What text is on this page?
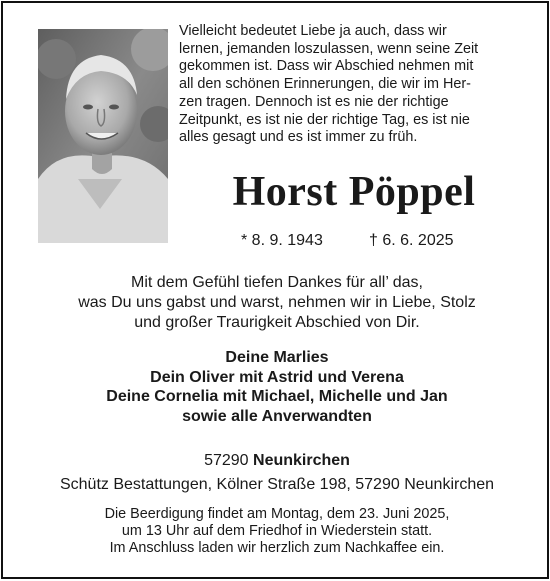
Vielleicht bedeutet Liebe ja auch, dass wir
lernen, jemanden loszulassen, wenn seine Zeit
gekommen ist. Dass wir Abschied nehmen mit
all den schönen Erinnerungen, die wir im Her-
zen tragen. Dennoch ist es nie der richtige
Zeitpunkt, es ist nie der richtige Tag, es ist nie
alles gesagt und es ist immer zu früh.
Horst Pöppel
* 8. 9. 1943	† 6. 6. 2025
Mit dem Gefühl tiefen Dankes für all’ das,
was Du uns gabst und warst, nehmen wir in Liebe, Stolz
und großer Traurigkeit Abschied von Dir.
Deine Marlies
Dein Oliver mit Astrid und Verena
Deine Cornelia mit Michael, Michelle und Jan
sowie alle Anverwandten
57290 Neunkirchen
Schütz Bestattungen, Kölner Straße 198, 57290 Neunkirchen
Die Beerdigung findet am Montag, dem 23. Juni 2025,
um 13 Uhr auf dem Friedhof in Wiederstein statt.
Im Anschluss laden wir herzlich zum Nachkaffee ein.
